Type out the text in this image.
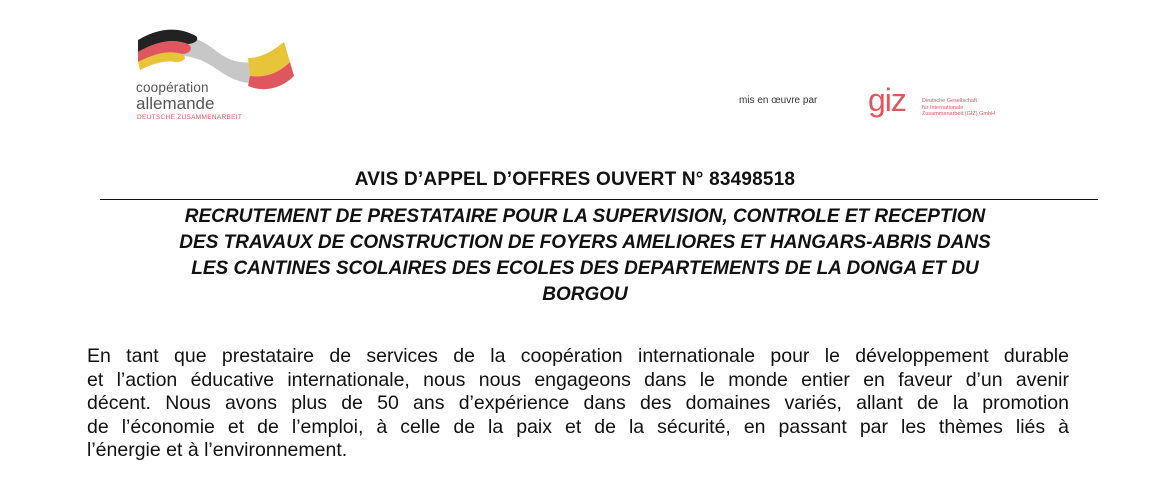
coopération
allemande
DEUTSCHE ZUSAMMENARBEIT
mis en œuvre par giz	Deutsche Gesellschaft
für Internationale
Zusammenarbeit (GIZ) GmbH
AVIS D’APPEL D’OFFRES OUVERT N° 83498518
RECRUTEMENT DE PRESTATAIRE POUR LA SUPERVISION, CONTROLE ET RECEPTION
DES TRAVAUX DE CONSTRUCTION DE FOYERS AMELIORES ET HANGARS-ABRIS DANS
LES CANTINES SCOLAIRES DES ECOLES DES DEPARTEMENTS DE LA DONGA ET DU
BORGOU
En tant que prestataire de services de la coopération internationale pour le développement durable
et l’action éducative internationale, nous nous engageons dans le monde entier en faveur d’un avenir
décent. Nous avons plus de 50 ans d’expérience dans des domaines variés, allant de la promotion
de l’économie et de l’emploi, à celle de la paix et de la sécurité, en passant par les thèmes liés à
l’énergie et à l’environnement.
